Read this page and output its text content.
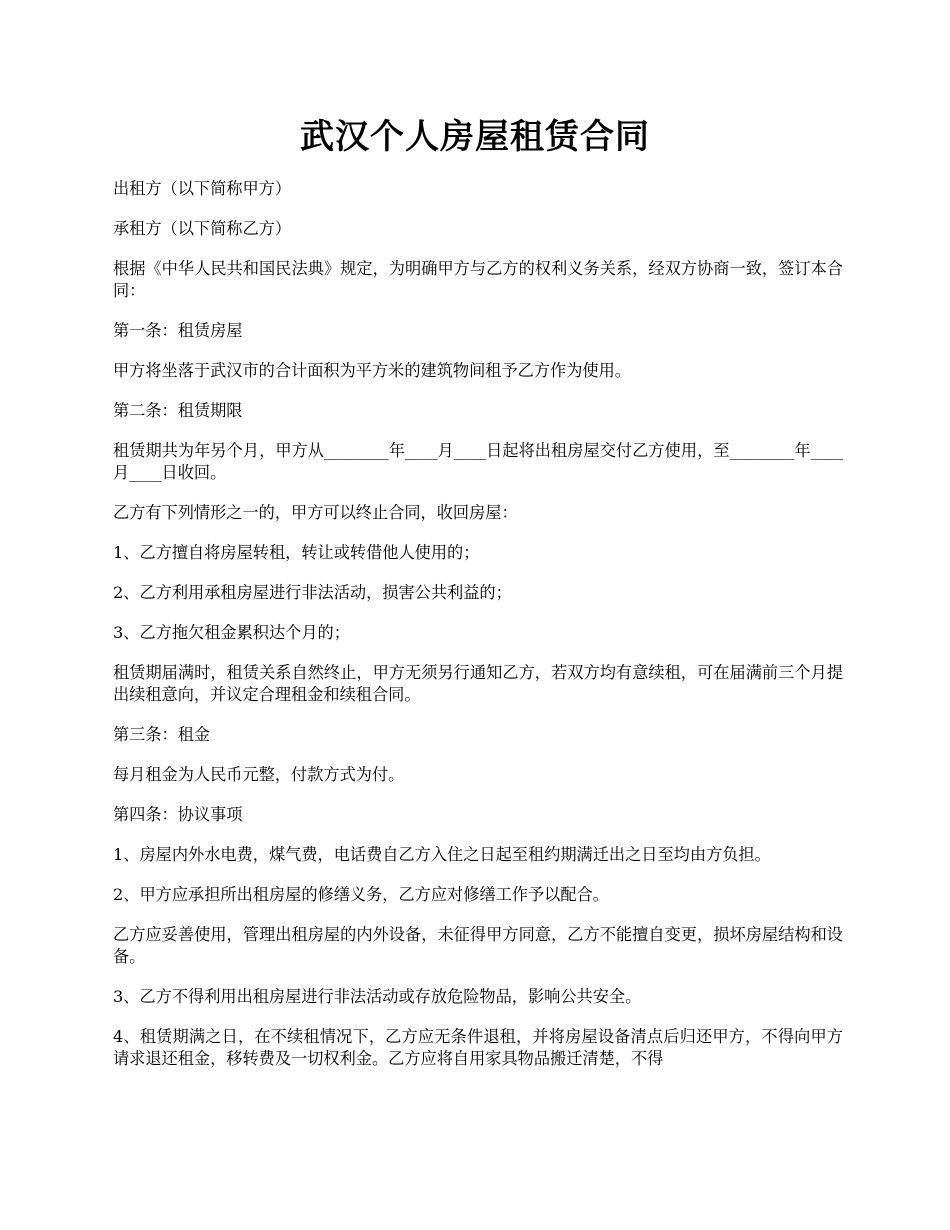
武汉个人房屋租赁合同

出租方（以下简称甲方）

承租方（以下简称乙方）

根据《中华人民共和国民法典》规定，为明确甲方与乙方的权利义务关系，经双方协商一致，签订本合同：

第一条：租赁房屋

甲方将坐落于武汉市的合计面积为平方米的建筑物间租予乙方作为使用。

第二条：租赁期限

租赁期共为年另个月，甲方从________年____月____日起将出租房屋交付乙方使用，至________年____月____日收回。

乙方有下列情形之一的，甲方可以终止合同，收回房屋：

1、乙方擅自将房屋转租，转让或转借他人使用的；

2、乙方利用承租房屋进行非法活动，损害公共利益的；

3、乙方拖欠租金累积达个月的；

租赁期届满时，租赁关系自然终止，甲方无须另行通知乙方，若双方均有意续租，可在届满前三个月提出续租意向，并议定合理租金和续租合同。

第三条：租金

每月租金为人民币元整，付款方式为付。

第四条：协议事项

1、房屋内外水电费，煤气费，电话费自乙方入住之日起至租约期满迁出之日至均由方负担。

2、甲方应承担所出租房屋的修缮义务，乙方应对修缮工作予以配合。

乙方应妥善使用，管理出租房屋的内外设备，未征得甲方同意，乙方不能擅自变更，损坏房屋结构和设备。

3、乙方不得利用出租房屋进行非法活动或存放危险物品，影响公共安全。

4、租赁期满之日，在不续租情况下，乙方应无条件退租，并将房屋设备清点后归还甲方，不得向甲方请求退还租金，移转费及一切权利金。乙方应将自用家具物品搬迁清楚，不得
